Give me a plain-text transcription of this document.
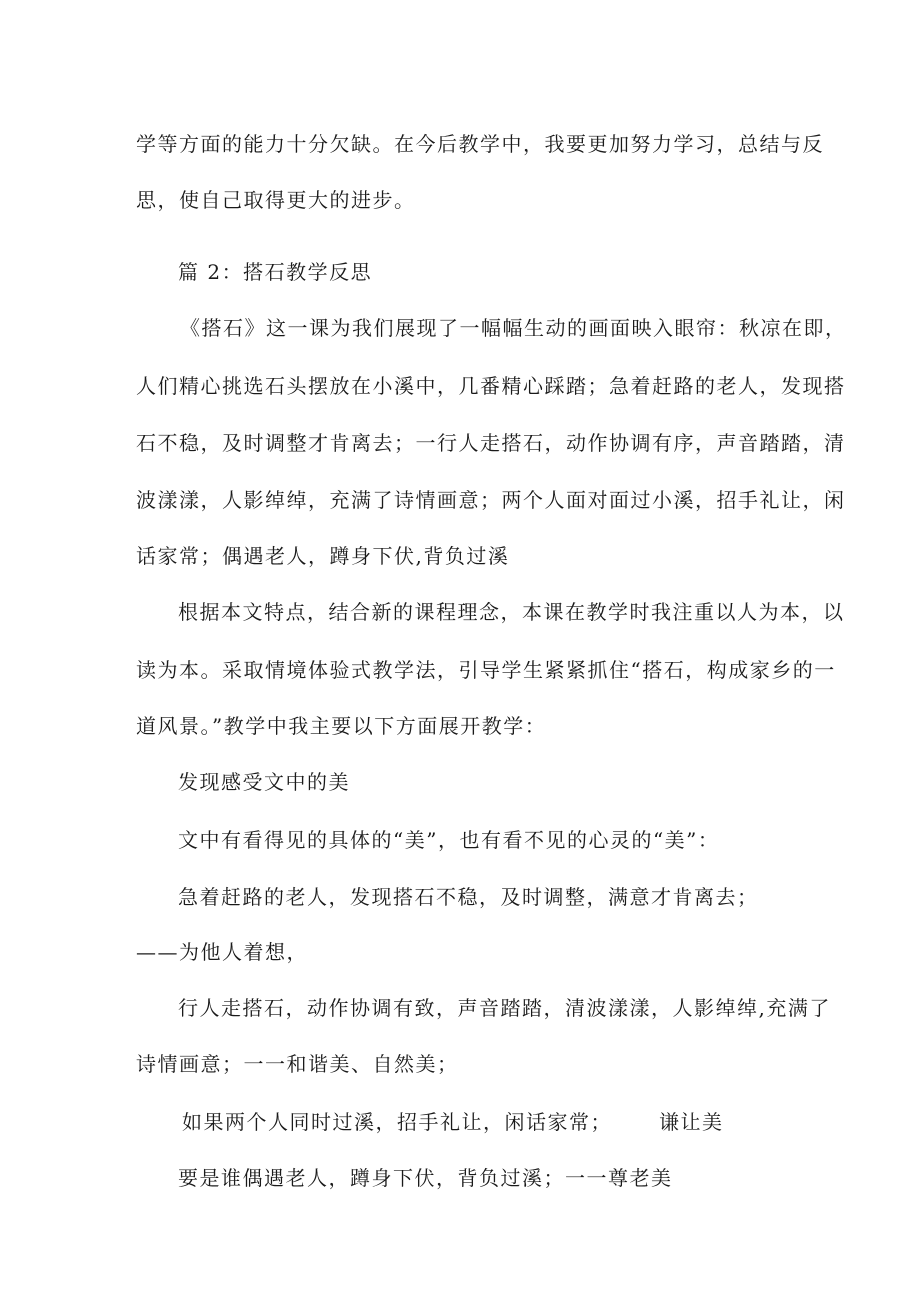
学等方面的能力十分欠缺。在今后教学中，我要更加努力学习，总结与反
思，使自己取得更大的进步。
篇 2：搭石教学反思
《搭石》这一课为我们展现了一幅幅生动的画面映入眼帘：秋凉在即，
人们精心挑选石头摆放在小溪中，几番精心踩踏；急着赶路的老人，发现搭
石不稳，及时调整才肯离去；一行人走搭石，动作协调有序，声音踏踏，清
波漾漾，人影绰绰，充满了诗情画意；两个人面对面过小溪，招手礼让，闲
话家常；偶遇老人，蹲身下伏,背负过溪
根据本文特点，结合新的课程理念，本课在教学时我注重以人为本，以
读为本。采取情境体验式教学法，引导学生紧紧抓住“搭石，构成家乡的一
道风景。”教学中我主要以下方面展开教学：
发现感受文中的美
文中有看得见的具体的“美”，也有看不见的心灵的“美”：
急着赶路的老人，发现搭石不稳，及时调整，满意才肯离去；
——为他人着想，
行人走搭石，动作协调有致，声音踏踏，清波漾漾，人影绰绰,充满了
诗情画意；一一和谐美、自然美；
如果两个人同时过溪，招手礼让，闲话家常； 谦让美
要是谁偶遇老人，蹲身下伏，背负过溪；一一尊老美
